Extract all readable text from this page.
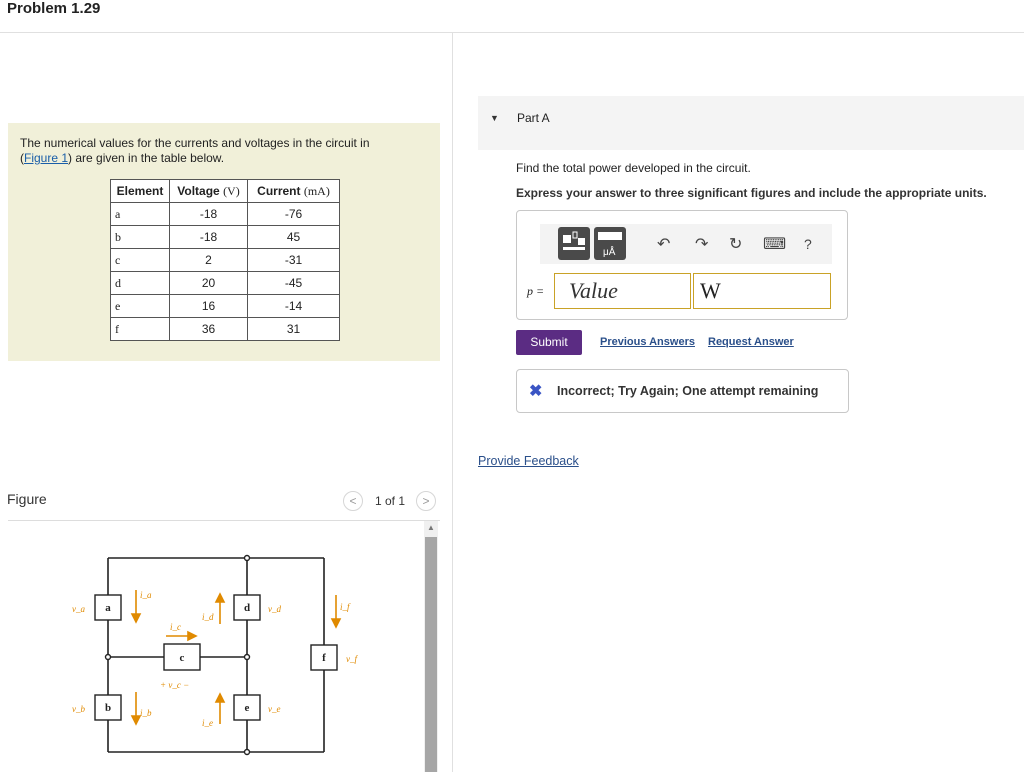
Problem 1.29
The numerical values for the currents and voltages in the circuit in
(Figure 1) are given in the table below.
Element	Voltage (V)	Current (mA)
a	-18	-76
b	-18	45
c	2	-31
d	20	-45
e	16	-14
f	36	31
Figure	<	1 of 1	>
a
b
c
d
e
f
v_a
v_b
+ v_c −
v_d
v_e
v_f
i_a
i_b
i_c
i_d
i_e
i_f
▲
▼ Part A
Find the total power developed in the circuit.
Express your answer to three significant figures and include the appropriate units.
μÅ	↶ ↷ ↻ ⌨ ?
p =	Value	W
Submit	Previous Answers Request Answer
✖ Incorrect; Try Again; One attempt remaining
Provide Feedback
